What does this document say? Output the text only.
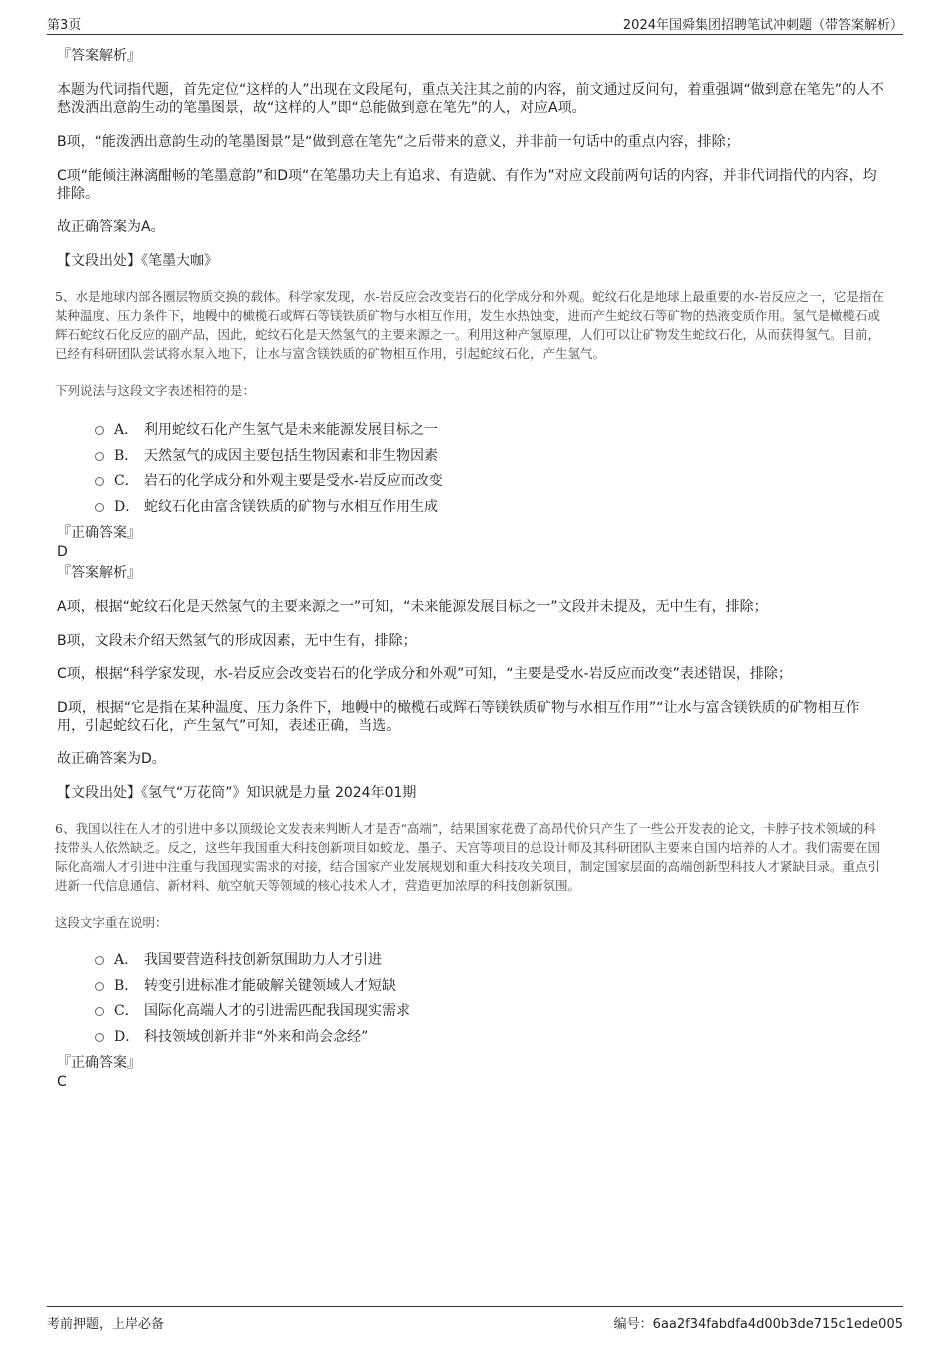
第3页	2024年国舜集团招聘笔试冲刺题（带答案解析）
『答案解析』
本题为代词指代题，首先定位“这样的人”出现在文段尾句，重点关注其之前的内容，前文通过反问句，着重强调“做到意在笔先”的人不愁泼洒出意韵生动的笔墨图景，故“这样的人”即“总能做到意在笔先”的人，对应A项。
B项，“能泼洒出意韵生动的笔墨图景”是“做到意在笔先”之后带来的意义，并非前一句话中的重点内容，排除；
C项“能倾注淋漓酣畅的笔墨意韵”和D项“在笔墨功夫上有追求、有造就、有作为”对应文段前两句话的内容，并非代词指代的内容，均排除。
故正确答案为A。
【文段出处】《笔墨大咖》
5、水是地球内部各圈层物质交换的载体。科学家发现，水-岩反应会改变岩石的化学成分和外观。蛇纹石化是地球上最重要的水-岩反应之一，它是指在某种温度、压力条件下，地幔中的橄榄石或辉石等镁铁质矿物与水相互作用，发生水热蚀变，进而产生蛇纹石等矿物的热液变质作用。氢气是橄榄石或辉石蛇纹石化反应的副产品，因此，蛇纹石化是天然氢气的主要来源之一。利用这种产氢原理，人们可以让矿物发生蛇纹石化，从而获得氢气。目前，已经有科研团队尝试将水泵入地下，让水与富含镁铁质的矿物相互作用，引起蛇纹石化，产生氢气。
下列说法与这段文字表述相符的是：
A． 利用蛇纹石化产生氢气是未来能源发展目标之一
B． 天然氢气的成因主要包括生物因素和非生物因素
C． 岩石的化学成分和外观主要是受水-岩反应而改变
D． 蛇纹石化由富含镁铁质的矿物与水相互作用生成
『正确答案』
D
『答案解析』
A项，根据“蛇纹石化是天然氢气的主要来源之一”可知，“未来能源发展目标之一”文段并未提及，无中生有，排除；
B项，文段未介绍天然氢气的形成因素，无中生有，排除；
C项，根据“科学家发现，水-岩反应会改变岩石的化学成分和外观”可知，“主要是受水-岩反应而改变”表述错误，排除；
D项，根据“它是指在某种温度、压力条件下，地幔中的橄榄石或辉石等镁铁质矿物与水相互作用”“让水与富含镁铁质的矿物相互作用，引起蛇纹石化，产生氢气”可知，表述正确，当选。
故正确答案为D。
【文段出处】《氢气“万花筒”》知识就是力量 2024年01期
6、我国以往在人才的引进中多以顶级论文发表来判断人才是否“高端”，结果国家花费了高昂代价只产生了一些公开发表的论文，卡脖子技术领域的科技带头人依然缺乏。反之，这些年我国重大科技创新项目如蛟龙、墨子、天宫等项目的总设计师及其科研团队主要来自国内培养的人才。我们需要在国际化高端人才引进中注重与我国现实需求的对接，结合国家产业发展规划和重大科技攻关项目，制定国家层面的高端创新型科技人才紧缺目录。重点引进新一代信息通信、新材料、航空航天等领域的核心技术人才，营造更加浓厚的科技创新氛围。
这段文字重在说明：
A． 我国要营造科技创新氛围助力人才引进
B． 转变引进标准才能破解关键领域人才短缺
C． 国际化高端人才的引进需匹配我国现实需求
D． 科技领域创新并非“外来和尚会念经”
『正确答案』
C
考前押题，上岸必备	编号：6aa2f34fabdfa4d00b3de715c1ede005
